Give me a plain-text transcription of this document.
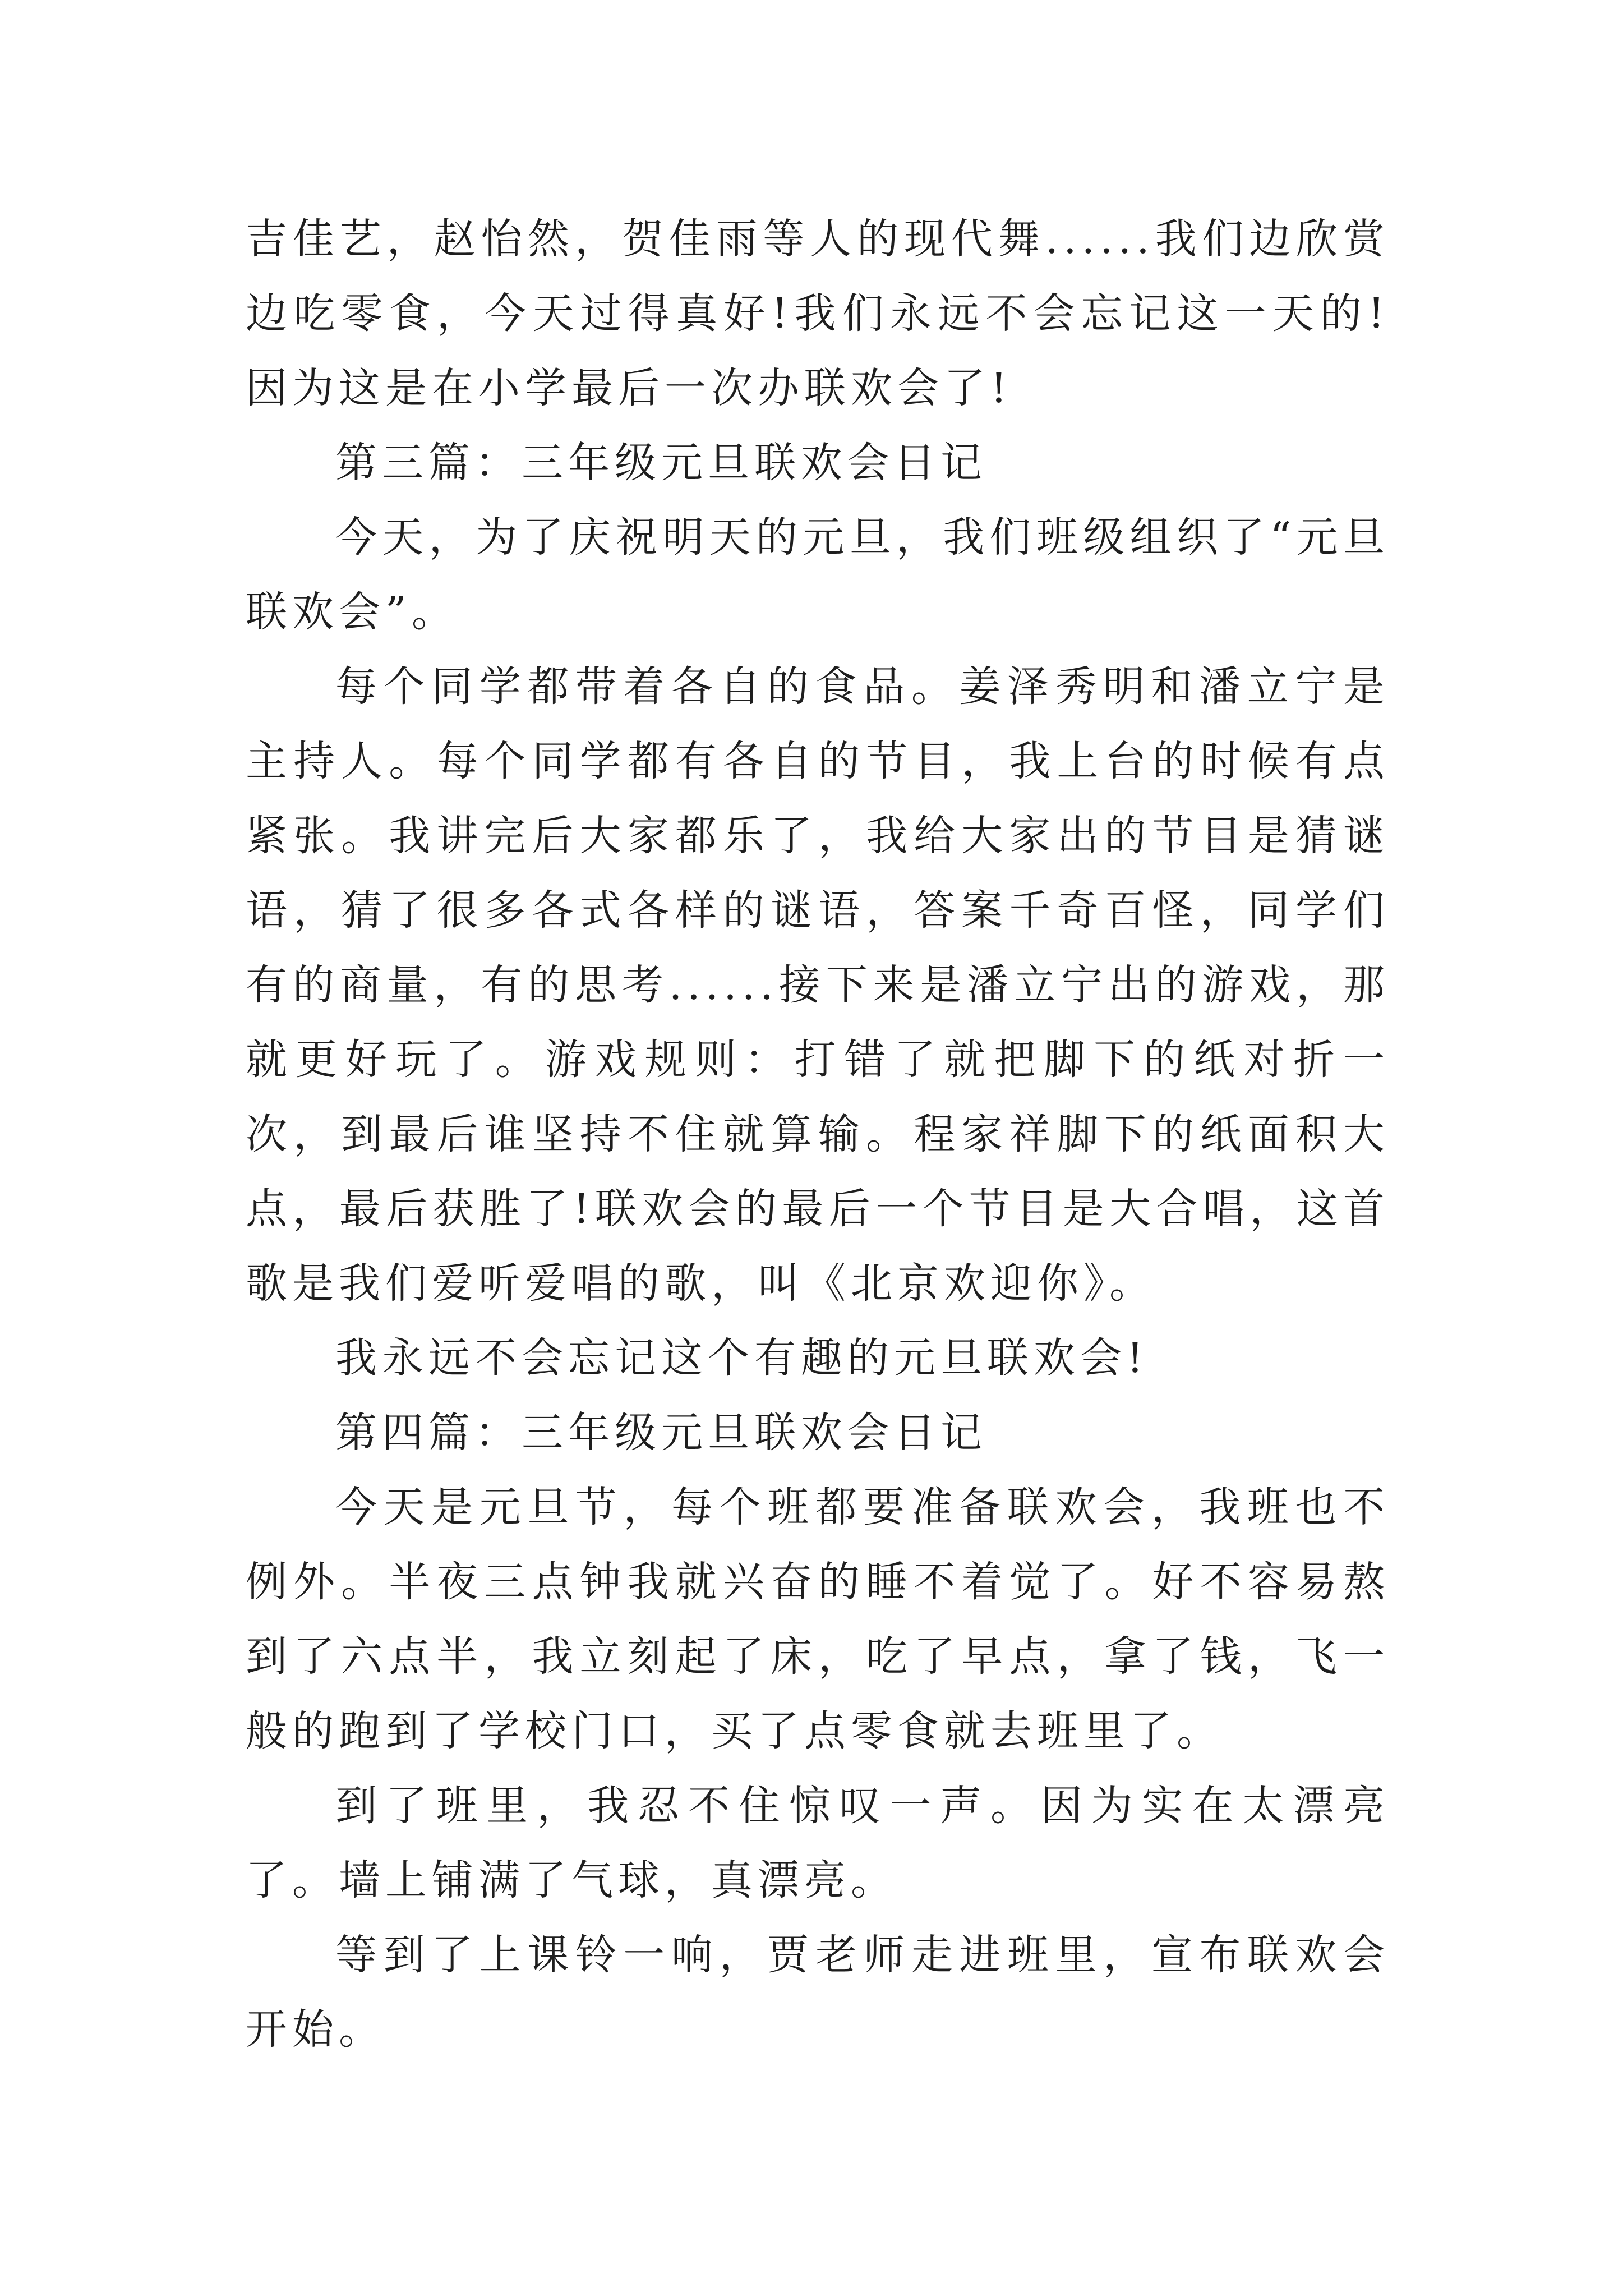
吉佳艺，赵怡然，贺佳雨等人的现代舞......我们边欣赏边吃零食，今天过得真好!我们永远不会忘记这一天的!因为这是在小学最后一次办联欢会了!

第三篇：三年级元旦联欢会日记

今天，为了庆祝明天的元旦，我们班级组织了“元旦联欢会”。

每个同学都带着各自的食品。姜泽秀明和潘立宁是主持人。每个同学都有各自的节目，我上台的时候有点紧张。我讲完后大家都乐了，我给大家出的节目是猜谜语，猜了很多各式各样的谜语，答案千奇百怪，同学们有的商量，有的思考......接下来是潘立宁出的游戏，那就更好玩了。游戏规则：打错了就把脚下的纸对折一次，到最后谁坚持不住就算输。程家祥脚下的纸面积大点，最后获胜了!联欢会的最后一个节目是大合唱，这首歌是我们爱听爱唱的歌，叫《北京欢迎你》。

我永远不会忘记这个有趣的元旦联欢会!

第四篇：三年级元旦联欢会日记

今天是元旦节，每个班都要准备联欢会，我班也不例外。半夜三点钟我就兴奋的睡不着觉了。好不容易熬到了六点半，我立刻起了床，吃了早点，拿了钱，飞一般的跑到了学校门口，买了点零食就去班里了。

到了班里，我忍不住惊叹一声。因为实在太漂亮了。墙上铺满了气球，真漂亮。

等到了上课铃一响，贾老师走进班里，宣布联欢会开始。
